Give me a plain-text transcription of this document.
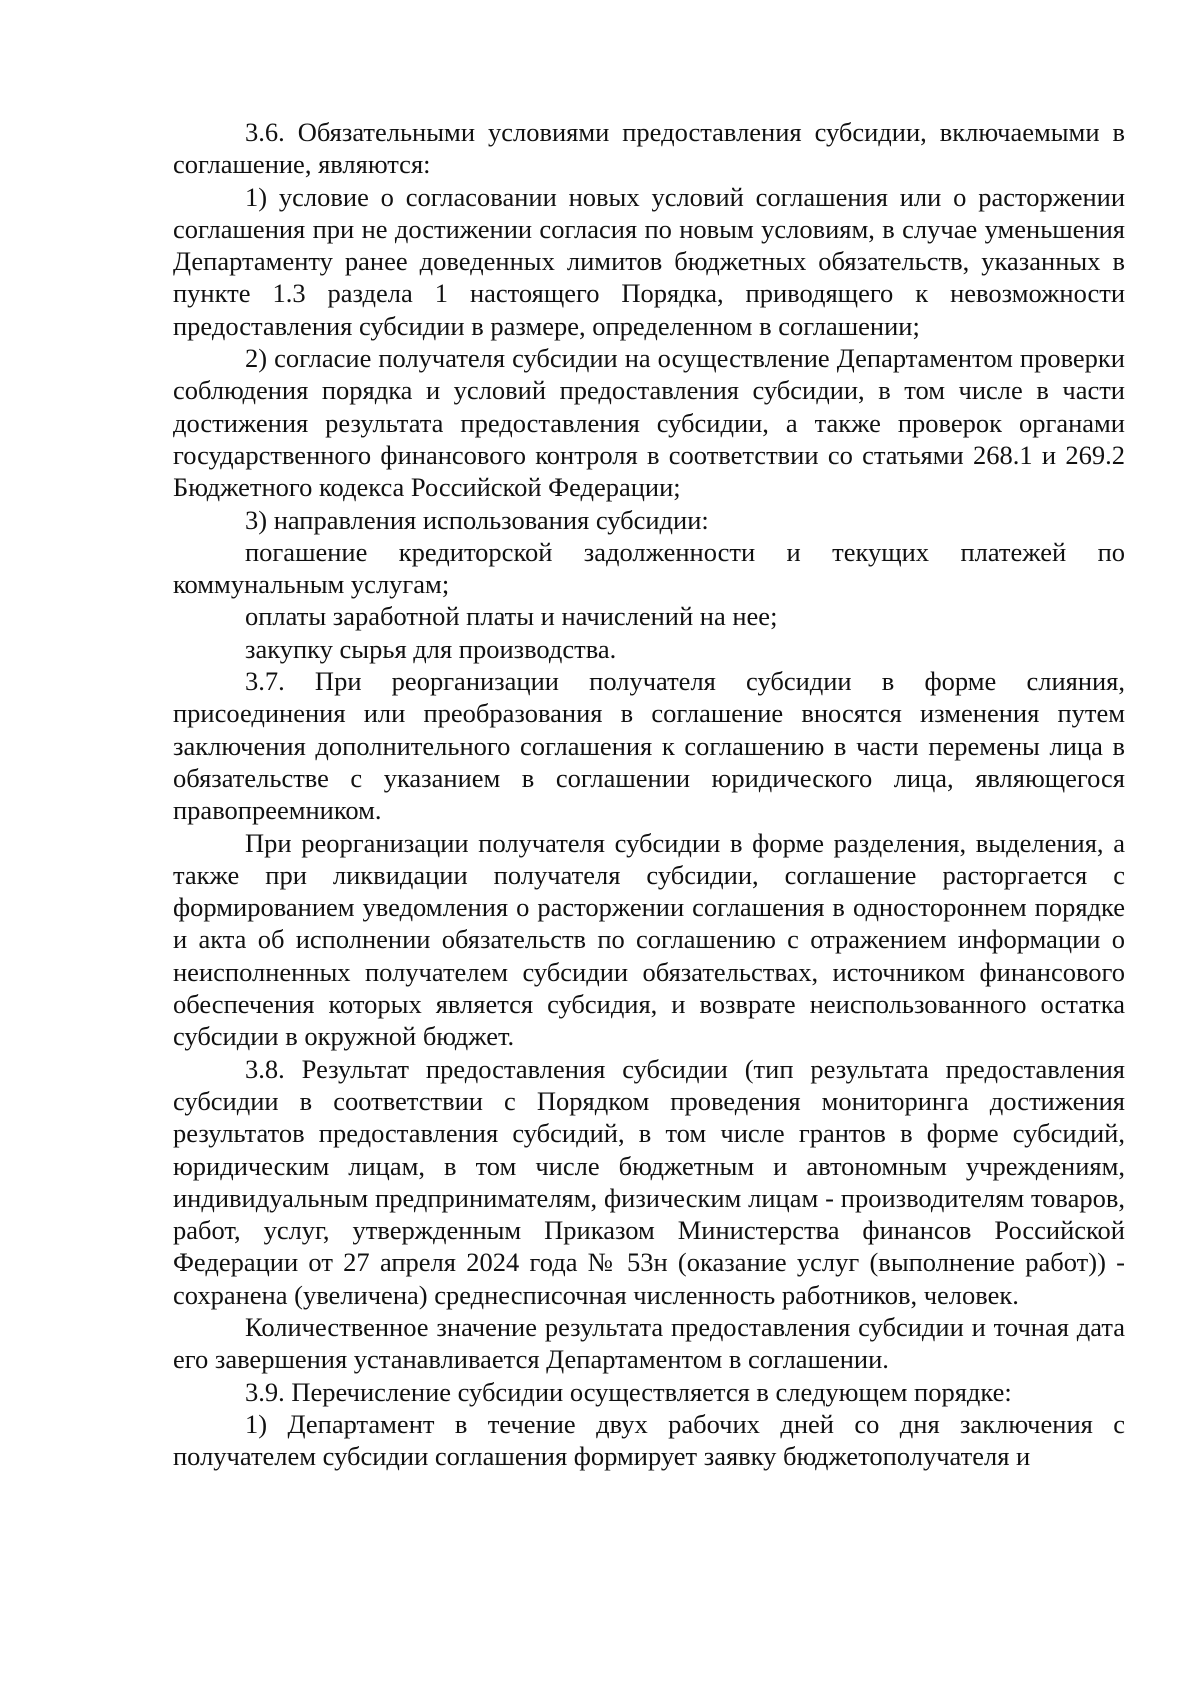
3.6. Обязательными условиями предоставления субсидии, включаемыми в соглашение, являются:

1) условие о согласовании новых условий соглашения или о расторжении соглашения при не достижении согласия по новым условиям, в случае уменьшения Департаменту ранее доведенных лимитов бюджетных обязательств, указанных в пункте 1.3 раздела 1 настоящего Порядка, приводящего к невозможности предоставления субсидии в размере, определенном в соглашении;

2) согласие получателя субсидии на осуществление Департаментом проверки соблюдения порядка и условий предоставления субсидии, в том числе в части достижения результата предоставления субсидии, а также проверок органами государственного финансового контроля в соответствии со статьями 268.1 и 269.2 Бюджетного кодекса Российской Федерации;

3) направления использования субсидии:

погашение кредиторской задолженности и текущих платежей по коммунальным услугам;

оплаты заработной платы и начислений на нее;

закупку сырья для производства.

3.7. При реорганизации получателя субсидии в форме слияния, присоединения или преобразования в соглашение вносятся изменения путем заключения дополнительного соглашения к соглашению в части перемены лица в обязательстве с указанием в соглашении юридического лица, являющегося правопреемником.

При реорганизации получателя субсидии в форме разделения, выделения, а также при ликвидации получателя субсидии, соглашение расторгается с формированием уведомления о расторжении соглашения в одностороннем порядке и акта об исполнении обязательств по соглашению с отражением информации о неисполненных получателем субсидии обязательствах, источником финансового обеспечения которых является субсидия, и возврате неиспользованного остатка субсидии в окружной бюджет.

3.8. Результат предоставления субсидии (тип результата предоставления субсидии в соответствии с Порядком проведения мониторинга достижения результатов предоставления субсидий, в том числе грантов в форме субсидий, юридическим лицам, в том числе бюджетным и автономным учреждениям, индивидуальным предпринимателям, физическим лицам - производителям товаров, работ, услуг, утвержденным Приказом Министерства финансов Российской Федерации от 27 апреля 2024 года № 53н (оказание услуг (выполнение работ)) - сохранена (увеличена) среднесписочная численность работников, человек.

Количественное значение результата предоставления субсидии и точная дата его завершения устанавливается Департаментом в соглашении.

3.9. Перечисление субсидии осуществляется в следующем порядке:

1) Департамент в течение двух рабочих дней со дня заключения с получателем субсидии соглашения формирует заявку бюджетополучателя и
